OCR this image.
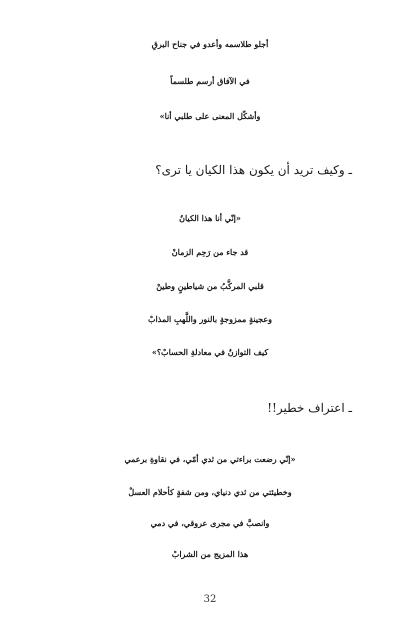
أجلو طلاسمه وأعدو في جناح البرقِ
في الآفاق أرسم طلسماً
وأشكّل المعنى على طلبي أنا»
ـ وكيف تريد أن يكون هذا الكيان يا ترى؟
«إنّي أنا هذا الكيانُ
قد جاء من رَحِم الزمانْ
قلبي المركَّبُ من شياطينٍ وطينْ
وعجينةٍ ممزوجةٍ بالنور واللَّهبِ المذابْ
كيف التوازنُ في معادلةِ الحسابْ؟»
ـ اعتراف خطير!!
«إنّي رضعت براءتي من ثدي أمّي، في نقاوةِ برعمي
وخطيئتي من ثدي دنياي، ومن شفةٍ كأحلام العسلْ
وانصبَّ في مجرى عروقي، في دمي
هذا المزيج من الشرابْ
32
